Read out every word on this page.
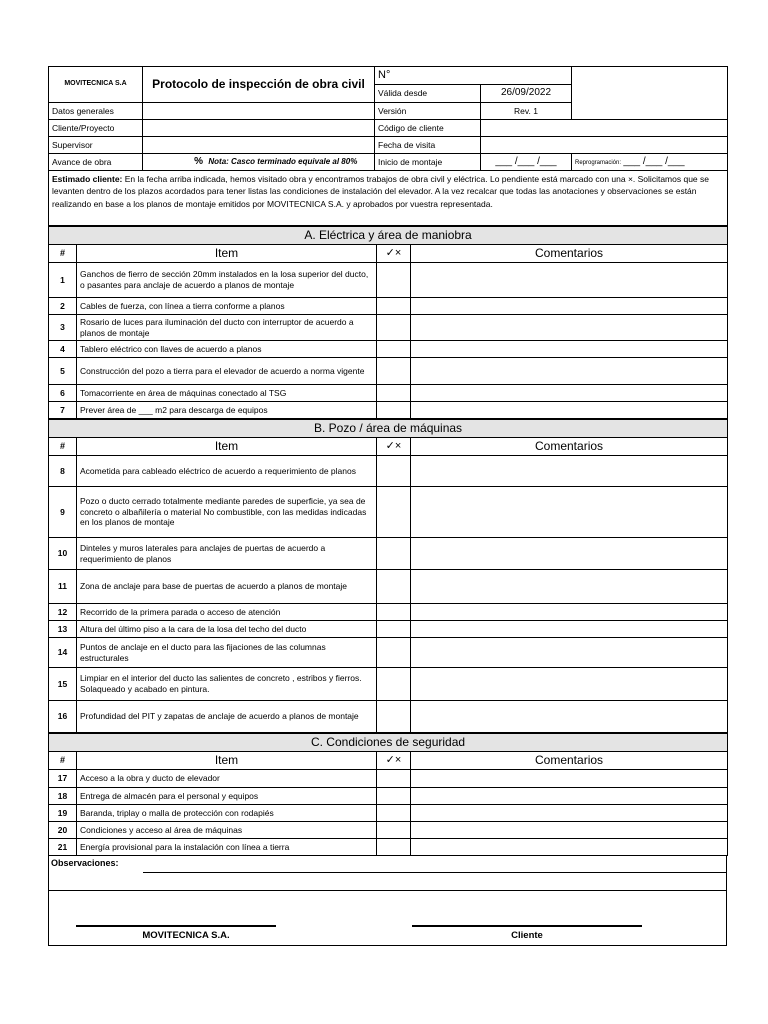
MOVITECNICA S.A	Protocolo de inspección de obra civil	N°		
		Válida desde	26/09/2022	
Datos generales		Versión	Rev. 1	
Cliente/Proyecto		Código de cliente		
Supervisor		Fecha de visita		
Avance de obra	% Nota: Casco terminado equivale al 80%	Inicio de montaje	___ /___ /___	Reprogramación: ___ /___ /___
Estimado cliente: En la fecha arriba indicada, hemos visitado obra y encontramos trabajos de obra civil y eléctrica. Lo pendiente está marcado con una ×. Solicitamos que se levanten dentro de los plazos acordados para tener listas las condiciones de instalación del elevador. A la vez recalcar que todas las anotaciones y observaciones se están realizando en base a los planos de montaje emitidos por MOVITECNICA S.A. y aprobados por vuestra representada.				
A. Eléctrica y área de maniobra			
#	Item	✓×	Comentarios
1	Ganchos de fierro de sección 20mm instalados en la losa superior del ducto, o pasantes para anclaje de acuerdo a planos de montaje		
2	Cables de fuerza, con línea a tierra conforme a planos		
3	Rosario de luces para iluminación del ducto con interruptor de acuerdo a planos de montaje		
4	Tablero eléctrico con llaves de acuerdo a planos		
5	Construcción del pozo a tierra para el elevador de acuerdo a norma vigente		
6	Tomacorriente en área de máquinas conectado al TSG		
7	Prever área de ___ m2 para descarga de equipos		
B. Pozo / área de máquinas			
#	Item	✓×	Comentarios
8	Acometida para cableado eléctrico de acuerdo a requerimiento de planos		
9	Pozo o ducto cerrado totalmente mediante paredes de superficie, ya sea de concreto o albañilería o material No combustible, con las medidas indicadas en los planos de montaje		
10	Dinteles y muros laterales para anclajes de puertas de acuerdo a requerimiento de planos		
11	Zona de anclaje para base de puertas de acuerdo a planos de montaje		
12	Recorrido de la primera parada o acceso de atención		
13	Altura del último piso a la cara de la losa del techo del ducto		
14	Puntos de anclaje en el ducto para las fijaciones de las columnas estructurales		
15	Limpiar en el interior del ducto las salientes de concreto , estribos y fierros. Solaqueado y acabado en pintura.		
16	Profundidad del PIT y zapatas de anclaje de acuerdo a planos de montaje		
C. Condiciones de seguridad			
#	Item	✓×	Comentarios
17	Acceso a la obra y ducto de elevador		
18	Entrega de almacén para el personal y equipos		
19	Baranda, triplay o malla de protección con rodapiés		
20	Condiciones y acceso al área de máquinas		
21	Energía provisional para la instalación con línea a tierra		
Observaciones:
MOVITECNICA S.A.	Cliente
